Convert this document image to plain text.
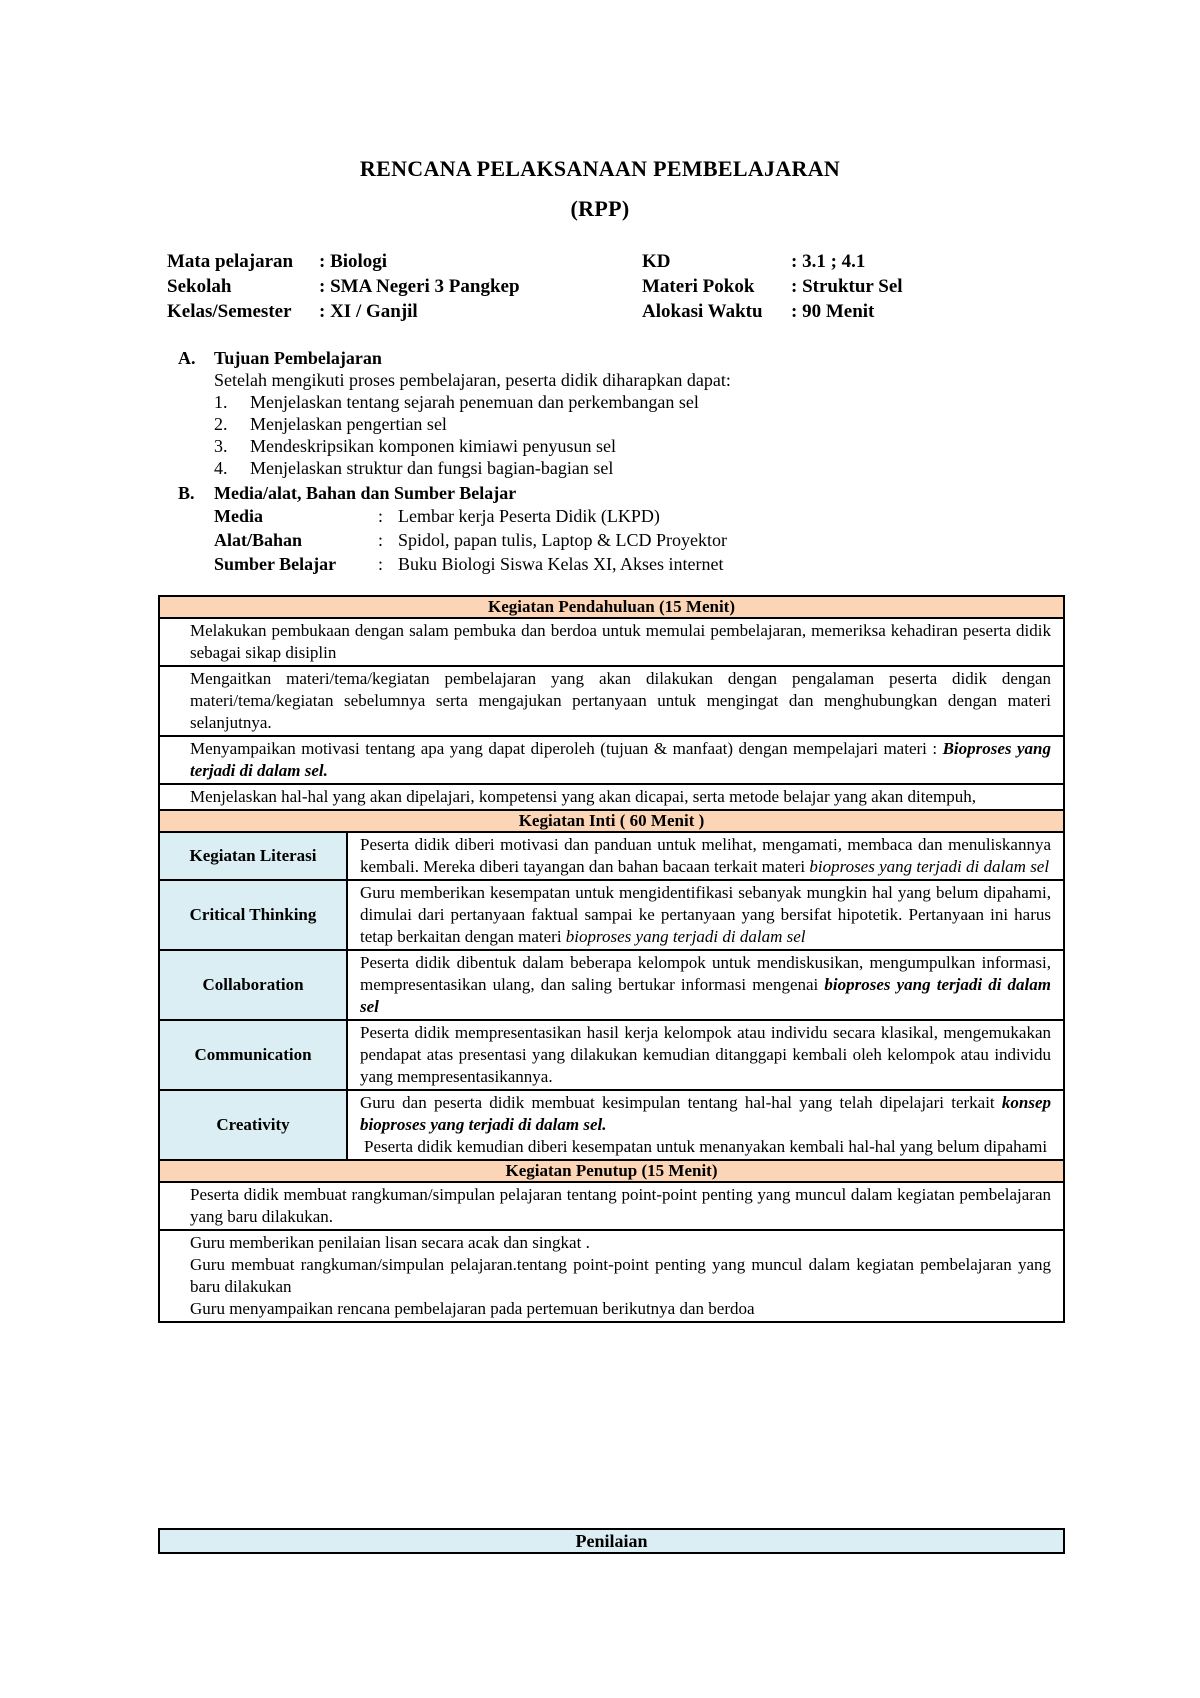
RENCANA PELAKSANAAN PEMBELAJARAN
(RPP)
Mata pelajaran	: Biologi
Sekolah	: SMA Negeri 3 Pangkep
Kelas/Semester	: XI / Ganjil
KD	: 3.1 ; 4.1
Materi Pokok	: Struktur Sel
Alokasi Waktu	: 90 Menit
A.	Tujuan Pembelajaran
Setelah mengikuti proses pembelajaran, peserta didik diharapkan dapat:
1.	Menjelaskan tentang sejarah penemuan dan perkembangan sel
2.	Menjelaskan pengertian sel
3.	Mendeskripsikan komponen kimiawi penyusun sel
4.	Menjelaskan struktur dan fungsi bagian-bagian sel
B.	Media/alat, Bahan dan Sumber Belajar
Media	: Lembar kerja Peserta Didik (LKPD)
Alat/Bahan	: Spidol, papan tulis, Laptop & LCD Proyektor
Sumber Belajar	: Buku Biologi Siswa Kelas XI, Akses internet
Kegiatan Pendahuluan (15 Menit)	
Melakukan pembukaan dengan salam pembuka dan berdoa untuk memulai pembelajaran, memeriksa kehadiran peserta didik sebagai sikap disiplin	
Mengaitkan materi/tema/kegiatan pembelajaran yang akan dilakukan dengan pengalaman peserta didik dengan materi/tema/kegiatan sebelumnya serta mengajukan pertanyaan untuk mengingat dan menghubungkan dengan materi selanjutnya.	
Menyampaikan motivasi tentang apa yang dapat diperoleh (tujuan & manfaat) dengan mempelajari materi : Bioproses yang terjadi di dalam sel.	
Menjelaskan hal-hal yang akan dipelajari, kompetensi yang akan dicapai, serta metode belajar yang akan ditempuh,	
Kegiatan Inti ( 60 Menit )	
Kegiatan Literasi	Peserta didik diberi motivasi dan panduan untuk melihat, mengamati, membaca dan menuliskannya kembali. Mereka diberi tayangan dan bahan bacaan terkait materi bioproses yang terjadi di dalam sel
Critical Thinking	Guru memberikan kesempatan untuk mengidentifikasi sebanyak mungkin hal yang belum dipahami, dimulai dari pertanyaan faktual sampai ke pertanyaan yang bersifat hipotetik. Pertanyaan ini harus tetap berkaitan dengan materi bioproses yang terjadi di dalam sel
Collaboration	Peserta didik dibentuk dalam beberapa kelompok untuk mendiskusikan, mengumpulkan informasi, mempresentasikan ulang, dan saling bertukar informasi mengenai bioproses yang terjadi di dalam sel
Communication	Peserta didik mempresentasikan hasil kerja kelompok atau individu secara klasikal, mengemukakan pendapat atas presentasi yang dilakukan kemudian ditanggapi kembali oleh kelompok atau individu yang mempresentasikannya.
Creativity	Guru dan peserta didik membuat kesimpulan tentang hal-hal yang telah dipelajari terkait konsep bioproses yang terjadi di dalam sel.
Peserta didik kemudian diberi kesempatan untuk menanyakan kembali hal-hal yang belum dipahami

Kegiatan Penutup (15 Menit)	
Peserta didik membuat rangkuman/simpulan pelajaran tentang point-point penting yang muncul dalam kegiatan pembelajaran yang baru dilakukan.	

Guru memberikan penilaian lisan secara acak dan singkat .
Guru membuat rangkuman/simpulan pelajaran.tentang point-point penting yang muncul dalam kegiatan pembelajaran yang baru dilakukan
Guru menyampaikan rencana pembelajaran pada pertemuan berikutnya dan berdoa	
Penilaian
